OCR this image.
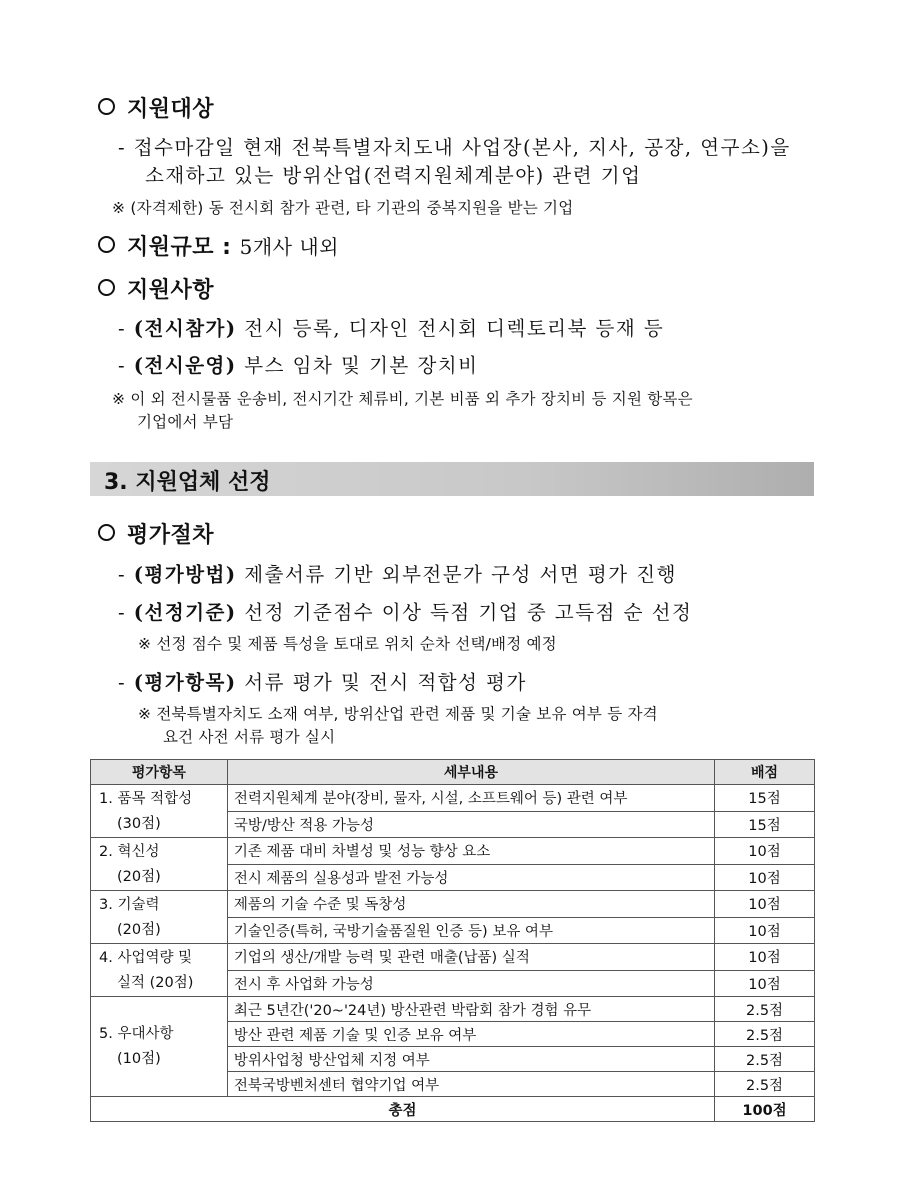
지원대상
- 접수마감일 현재 전북특별자치도내 사업장(본사, 지사, 공장, 연구소)을
소재하고 있는 방위산업(전력지원체계분야) 관련 기업
※ (자격제한) 동 전시회 참가 관련, 타 기관의 중복지원을 받는 기업
지원규모 : 5개사 내외
지원사항
- (전시참가) 전시 등록, 디자인 전시회 디렉토리북 등재 등
- (전시운영) 부스 임차 및 기본 장치비
※ 이 외 전시물품 운송비, 전시기간 체류비, 기본 비품 외 추가 장치비 등 지원 항목은
기업에서 부담
3. 지원업체 선정
평가절차
- (평가방법) 제출서류 기반 외부전문가 구성 서면 평가 진행
- (선정기준) 선정 기준점수 이상 득점 기업 중 고득점 순 선정
※ 선정 점수 및 제품 특성을 토대로 위치 순차 선택/배정 예정
- (평가항목) 서류 평가 및 전시 적합성 평가
※ 전북특별자치도 소재 여부, 방위산업 관련 제품 및 기술 보유 여부 등 자격
요건 사전 서류 평가 실시
평가항목	세부내용	배점

1. 품목 적합성
(30점)	전력지원체계 분야(장비, 물자, 시설, 소프트웨어 등) 관련 여부	15점
	국방/방산 적용 가능성	15점

2. 혁신성
(20점)	기존 제품 대비 차별성 및 성능 향상 요소	10점
	전시 제품의 실용성과 발전 가능성	10점

3. 기술력
(20점)	제품의 기술 수준 및 독창성	10점
	기술인증(특허, 국방기술품질원 인증 등) 보유 여부	10점

4. 사업역량 및
실적 (20점)	기업의 생산/개발 능력 및 관련 매출(납품) 실적	10점
	전시 후 사업화 가능성	10점

5. 우대사항
(10점)	최근 5년간('20~'24년) 방산관련 박람회 참가 경험 유무	2.5점
	방산 관련 제품 기술 및 인증 보유 여부	2.5점
	방위사업청 방산업체 지정 여부	2.5점
	전북국방벤처센터 협약기업 여부	2.5점
총점		100점
